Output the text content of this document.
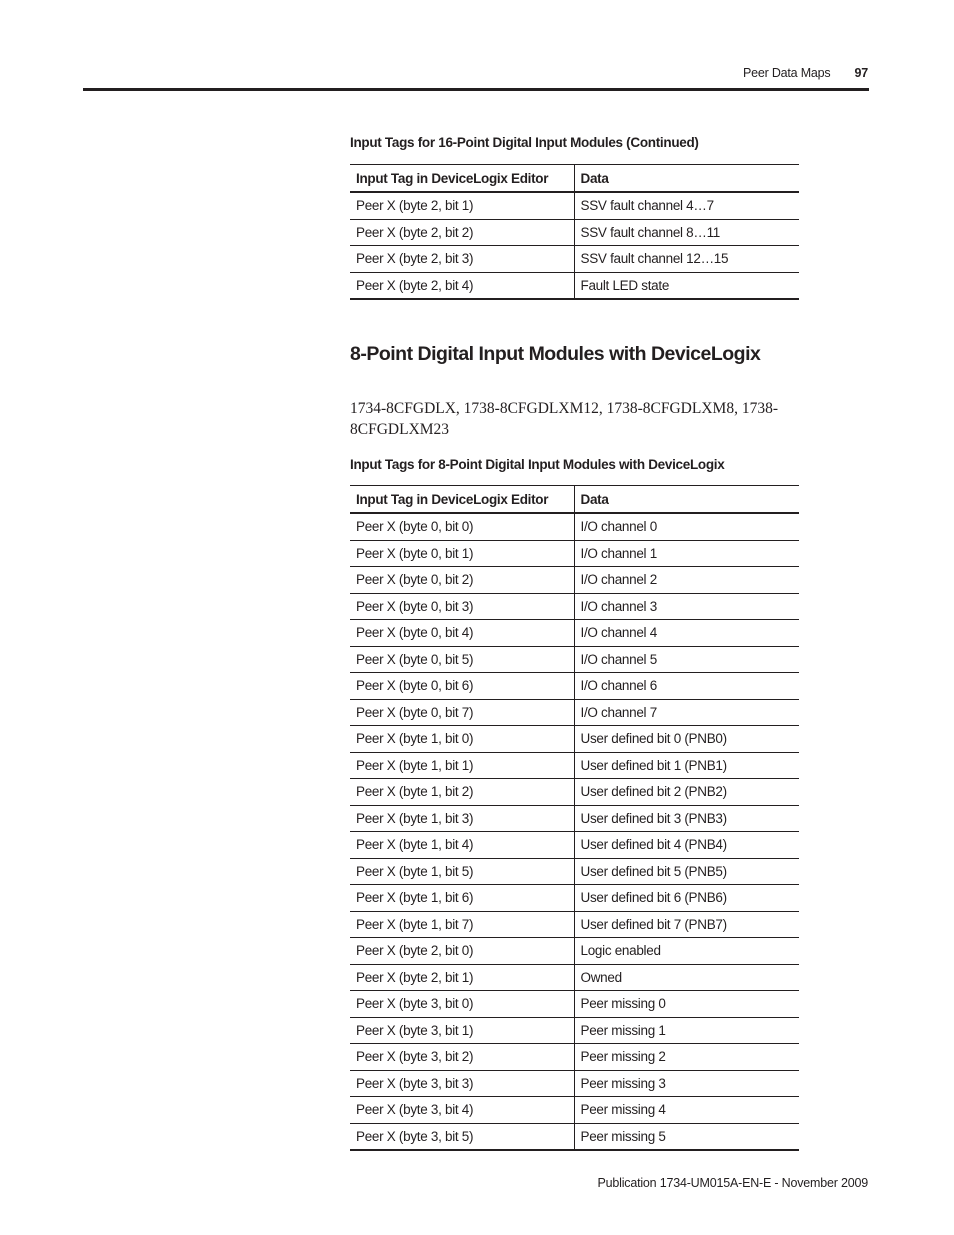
Peer Data Maps 97
Input Tags for 16-Point Digital Input Modules (Continued)
Input Tag in DeviceLogix Editor	Data
Peer X (byte 2, bit 1)	SSV fault channel 4…7
Peer X (byte 2, bit 2)	SSV fault channel 8…11
Peer X (byte 2, bit 3)	SSV fault channel 12…15
Peer X (byte 2, bit 4)	Fault LED state
8-Point Digital Input Modules with DeviceLogix
1734-8CFGDLX, 1738-8CFGDLXM12, 1738-8CFGDLXM8, 1738-8CFGDLXM23
Input Tags for 8-Point Digital Input Modules with DeviceLogix
Input Tag in DeviceLogix Editor	Data
Peer X (byte 0, bit 0)	I/O channel 0
Peer X (byte 0, bit 1)	I/O channel 1
Peer X (byte 0, bit 2)	I/O channel 2
Peer X (byte 0, bit 3)	I/O channel 3
Peer X (byte 0, bit 4)	I/O channel 4
Peer X (byte 0, bit 5)	I/O channel 5
Peer X (byte 0, bit 6)	I/O channel 6
Peer X (byte 0, bit 7)	I/O channel 7
Peer X (byte 1, bit 0)	User defined bit 0 (PNB0)
Peer X (byte 1, bit 1)	User defined bit 1 (PNB1)
Peer X (byte 1, bit 2)	User defined bit 2 (PNB2)
Peer X (byte 1, bit 3)	User defined bit 3 (PNB3)
Peer X (byte 1, bit 4)	User defined bit 4 (PNB4)
Peer X (byte 1, bit 5)	User defined bit 5 (PNB5)
Peer X (byte 1, bit 6)	User defined bit 6 (PNB6)
Peer X (byte 1, bit 7)	User defined bit 7 (PNB7)
Peer X (byte 2, bit 0)	Logic enabled
Peer X (byte 2, bit 1)	Owned
Peer X (byte 3, bit 0)	Peer missing 0
Peer X (byte 3, bit 1)	Peer missing 1
Peer X (byte 3, bit 2)	Peer missing 2
Peer X (byte 3, bit 3)	Peer missing 3
Peer X (byte 3, bit 4)	Peer missing 4
Peer X (byte 3, bit 5)	Peer missing 5
Publication 1734-UM015A-EN-E - November 2009
